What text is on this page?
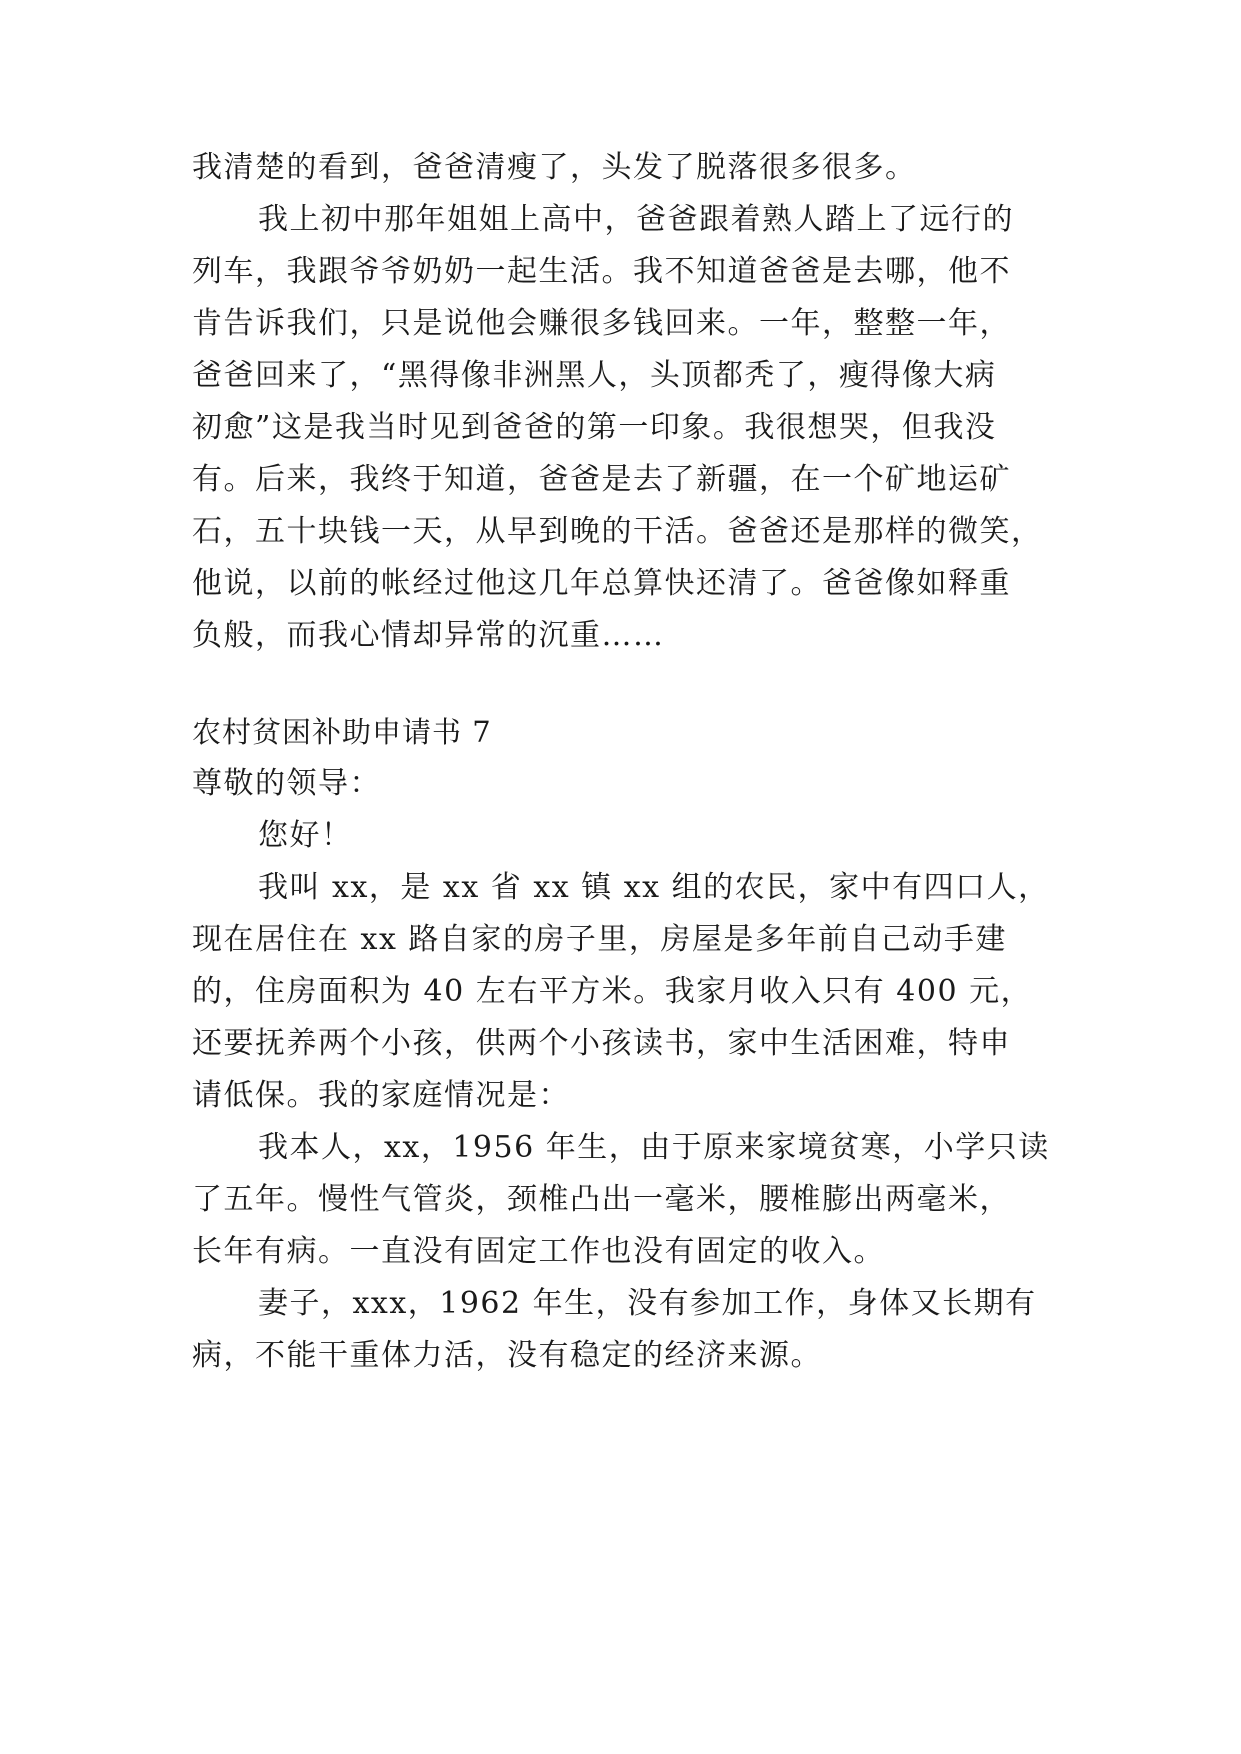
我清楚的看到，爸爸清瘦了，头发了脱落很多很多。
我上初中那年姐姐上高中，爸爸跟着熟人踏上了远行的
列车，我跟爷爷奶奶一起生活。我不知道爸爸是去哪，他不
肯告诉我们，只是说他会赚很多钱回来。一年，整整一年，
爸爸回来了，“黑得像非洲黑人，头顶都秃了，瘦得像大病
初愈”这是我当时见到爸爸的第一印象。我很想哭，但我没
有。后来，我终于知道，爸爸是去了新疆，在一个矿地运矿
石，五十块钱一天，从早到晚的干活。爸爸还是那样的微笑，
他说，以前的帐经过他这几年总算快还清了。爸爸像如释重
负般，而我心情却异常的沉重……
农村贫困补助申请书 7
尊敬的领导：
您好！
我叫 xx，是 xx 省 xx 镇 xx 组的农民，家中有四口人，
现在居住在 xx 路自家的房子里，房屋是多年前自己动手建
的，住房面积为 40 左右平方米。我家月收入只有 400 元，
还要抚养两个小孩，供两个小孩读书，家中生活困难，特申
请低保。我的家庭情况是：
我本人，xx，1956 年生，由于原来家境贫寒，小学只读
了五年。慢性气管炎，颈椎凸出一毫米，腰椎膨出两毫米，
长年有病。一直没有固定工作也没有固定的收入。
妻子，xxx，1962 年生，没有参加工作，身体又长期有
病，不能干重体力活，没有稳定的经济来源。
